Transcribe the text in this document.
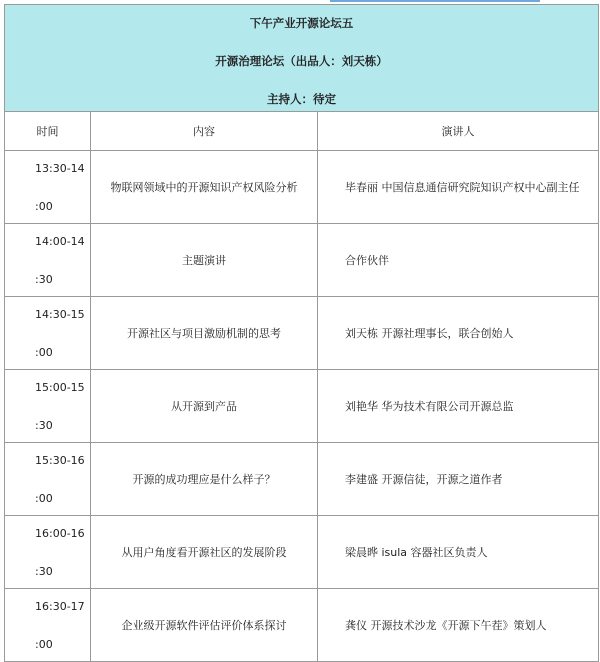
下午产业开源论坛五
开源治理论坛（出品人：刘天栋）
主持人：待定		

时间	内容	演讲人

13:30-14
:00	物联网领域中的开源知识产权风险分析	毕春丽 中国信息通信研究院知识产权中心副主任

14:00-14
:30	主题演讲	合作伙伴

14:30-15
:00	开源社区与项目激励机制的思考	刘天栋 开源社理事长，联合创始人

15:00-15
:30	从开源到产品	刘艳华 华为技术有限公司开源总监

15:30-16
:00	开源的成功理应是什么样子？	李建盛 开源信徒，开源之道作者

16:00-16
:30	从用户角度看开源社区的发展阶段	梁晨晔 isula 容器社区负责人

16:30-17
:00	企业级开源软件评估评价体系探讨	龚仪 开源技术沙龙《开源下午茬》策划人
